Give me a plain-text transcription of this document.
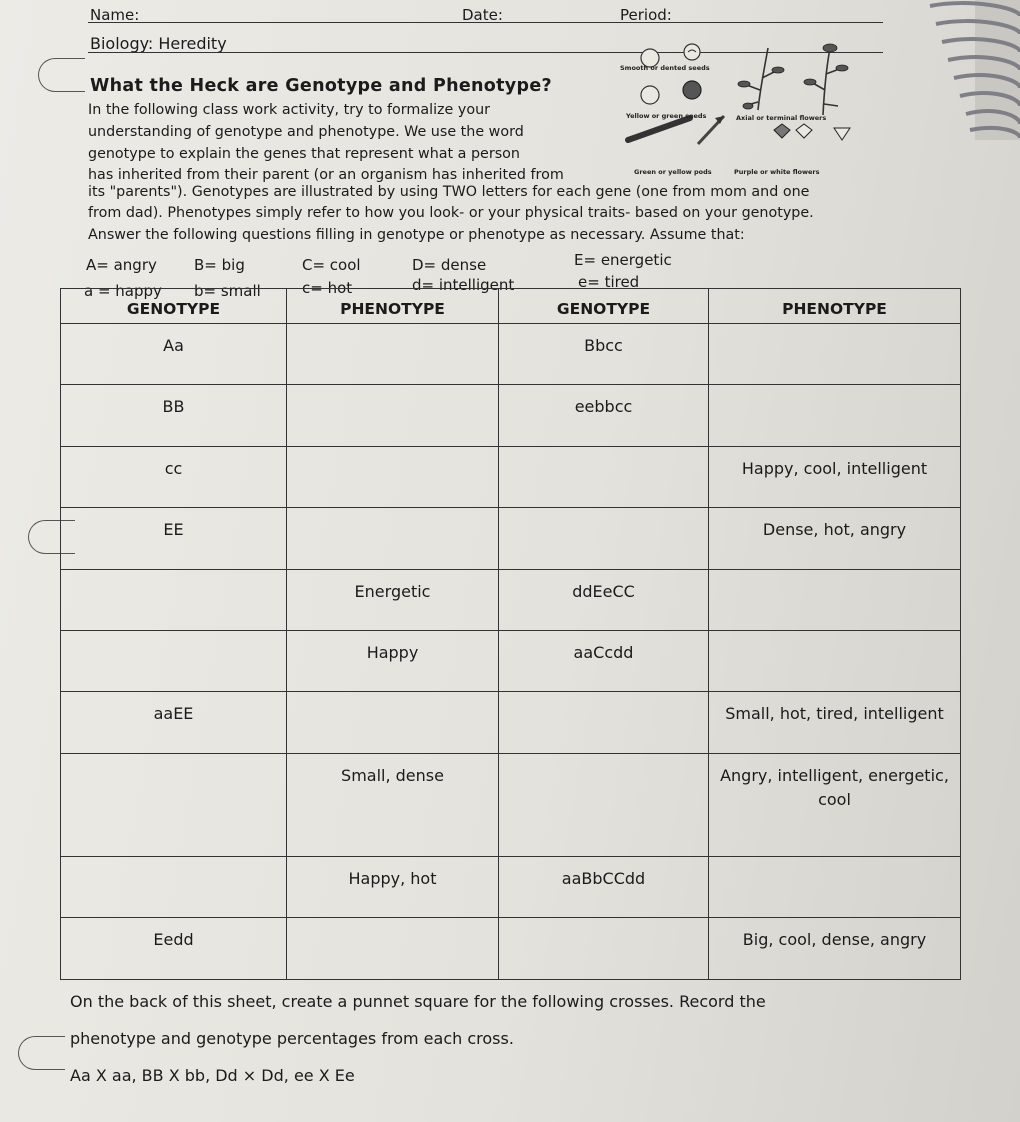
Name:	Date:	Period:
Biology: Heredity
What the Heck are Genotype and Phenotype?
In the following class work activity, try to formalize your
understanding of genotype and phenotype. We use the word
genotype to explain the genes that represent what a person
has inherited from their parent (or an organism has inherited from
its "parents"). Genotypes are illustrated by using TWO letters for each gene (one from mom and one
from dad). Phenotypes simply refer to how you look- or your physical traits- based on your genotype.
Answer the following questions filling in genotype or phenotype as necessary. Assume that:
Smooth or dented seeds
Yellow or green seeds	Axial or terminal flowers
Green or yellow pods	Purple or white flowers
A= angry B= big	C= cool	D= dense	E= energetic
a = happy b= small	c= hot	d= intelligent	e= tired
GENOTYPE	PHENOTYPE	GENOTYPE	PHENOTYPE
Aa		Bbcc	
BB		eebbcc	
cc			Happy, cool, intelligent
EE			Dense, hot, angry
	Energetic	ddEeCC	
	Happy	aaCcdd	
aaEE			Small, hot, tired, intelligent
	Small, dense		Angry, intelligent, energetic, cool
	Happy, hot	aaBbCCdd	
Eedd			Big, cool, dense, angry
On the back of this sheet, create a punnet square for the following crosses. Record the
phenotype and genotype percentages from each cross.
Aa X aa, BB X bb, Dd × Dd, ee X Ee
